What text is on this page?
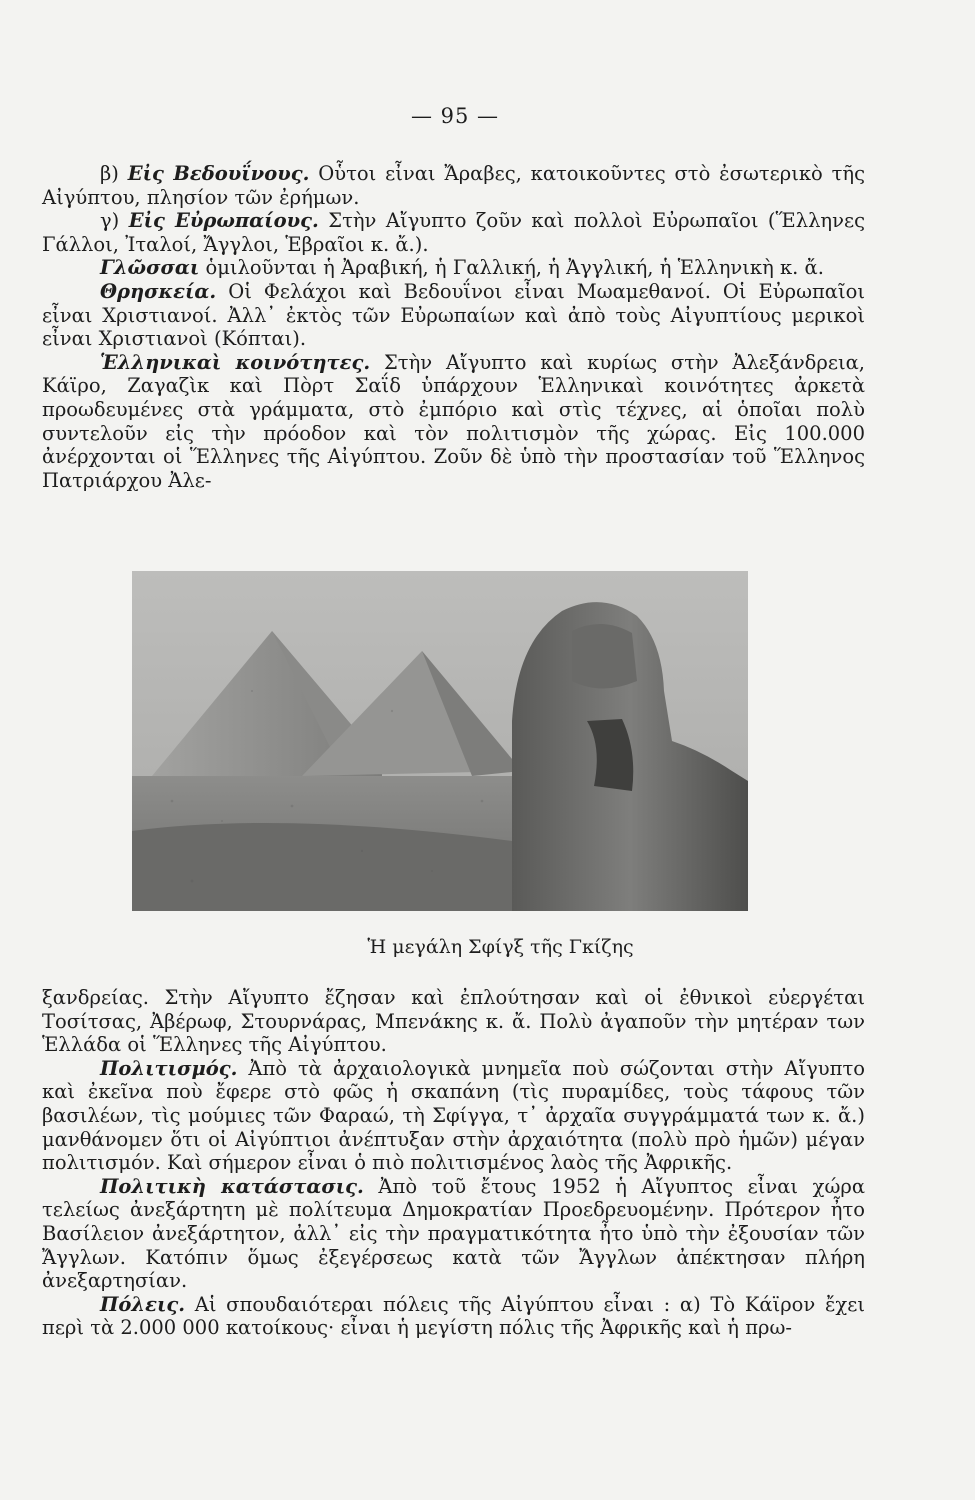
— 95 —

β) Εἰς Βεδουΐνους. Οὗτοι εἶναι Ἄραβες, κατοικοῦντες στὸ ἐσωτερικὸ τῆς Αἰγύπτου, πλησίον τῶν ἐρήμων.

γ) Εἰς Εὐρωπαίους. Στὴν Αἴγυπτο ζοῦν καὶ πολλοὶ Εὐρωπαῖοι (Ἕλληνες Γάλλοι, Ἰταλοί, Ἄγγλοι, Ἑβραῖοι κ. ἄ.).

Γλῶσσαι ὁμιλοῦνται ἡ Ἀραβική, ἡ Γαλλική, ἡ Ἀγγλική, ἡ Ἑλληνικὴ κ. ἄ.

Θρησκεία. Οἱ Φελάχοι καὶ Βεδουΐνοι εἶναι Μωαμεθανοί. Οἱ Εὐρωπαῖοι εἶναι Χριστιανοί. Ἀλλ᾿ ἐκτὸς τῶν Εὐρωπαίων καὶ ἀπὸ τοὺς Αἰγυπτίους μερικοὶ εἶναι Χριστιανοὶ (Κόπται).

Ἑλληνικαὶ κοινότητες. Στὴν Αἴγυπτο καὶ κυρίως στὴν Ἀλεξάνδρεια, Κάϊρο, Ζαγαζὶκ καὶ Πὸρτ Σαΐδ ὑπάρχουν Ἑλληνικαὶ κοινότητες ἀρκετὰ προωδευμένες στὰ γράμματα, στὸ ἐμπόριο καὶ στὶς τέχνες, αἱ ὁποῖαι πολὺ συντελοῦν εἰς τὴν πρόοδον καὶ τὸν πολιτισμὸν τῆς χώρας. Εἰς 100.000 ἀνέρχονται οἱ Ἕλληνες τῆς Αἰγύπτου. Ζοῦν δὲ ὑπὸ τὴν προστασίαν τοῦ Ἕλληνος Πατριάρχου Ἀλε-

Ἡ μεγάλη Σφίγξ τῆς Γκίζης

ξανδρείας. Στὴν Αἴγυπτο ἔζησαν καὶ ἐπλούτησαν καὶ οἱ ἐθνικοὶ εὐεργέται Τοσίτσας, Ἀβέρωφ, Στουρνάρας, Μπενάκης κ. ἄ. Πολὺ ἀγαποῦν τὴν μητέραν των Ἑλλάδα οἱ Ἕλληνες τῆς Αἰγύπτου.

Πολιτισμός. Ἀπὸ τὰ ἀρχαιολογικὰ μνημεῖα ποὺ σώζονται στὴν Αἴγυπτο καὶ ἐκεῖνα ποὺ ἔφερε στὸ φῶς ἡ σκαπάνη (τὶς πυραμίδες, τοὺς τάφους τῶν βασιλέων, τὶς μούμιες τῶν Φαραώ, τὴ Σφίγγα, τ᾿ ἀρχαῖα συγγράμματά των κ. ἄ.) μανθάνομεν ὅτι οἱ Αἰγύπτιοι ἀνέπτυξαν στὴν ἀρχαιότητα (πολὺ πρὸ ἡμῶν) μέγαν πολιτισμόν. Καὶ σήμερον εἶναι ὁ πιὸ πολιτισμένος λαὸς τῆς Ἀφρικῆς.

Πολιτικὴ κατάστασις. Ἀπὸ τοῦ ἔτους 1952 ἡ Αἴγυπτος εἶναι χώρα τελείως ἀνεξάρτητη μὲ πολίτευμα Δημοκρατίαν Προεδρευομένην. Πρότερον ἦτο Βασίλειον ἀνεξάρτητον, ἀλλ᾿ εἰς τὴν πραγματικότητα ἦτο ὑπὸ τὴν ἐξουσίαν τῶν Ἄγγλων. Κατόπιν ὅμως ἐξεγέρσεως κατὰ τῶν Ἄγγλων ἀπέκτησαν πλήρη ἀνεξαρτησίαν.

Πόλεις. Αἱ σπουδαιότεραι πόλεις τῆς Αἰγύπτου εἶναι : α) Τὸ Κάϊρον ἔχει περὶ τὰ 2.000 000 κατοίκους· εἶναι ἡ μεγίστη πόλις τῆς Ἀφρικῆς καὶ ἡ πρω-
